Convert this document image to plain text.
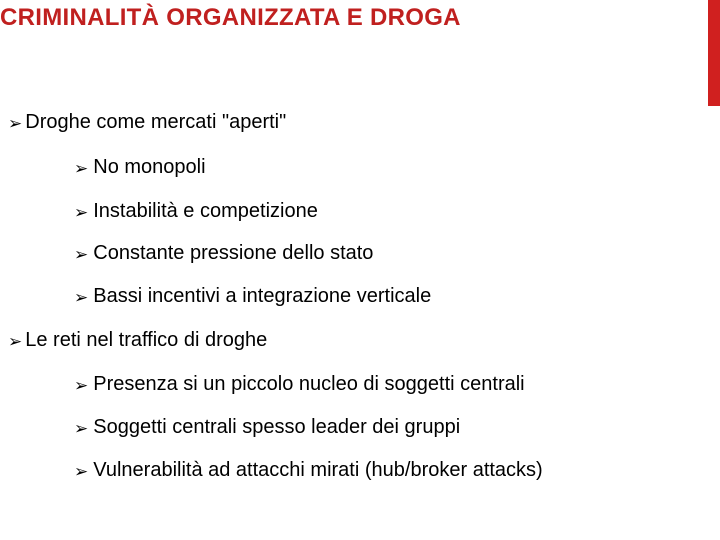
CRIMINALITÀ ORGANIZZATA E DROGA
➢ Droghe come mercati "aperti"
➢ No monopoli
➢ Instabilità e competizione
➢ Constante pressione dello stato
➢ Bassi incentivi a integrazione verticale
➢ Le reti nel traffico di droghe
➢ Presenza si un piccolo nucleo di soggetti centrali
➢ Soggetti centrali spesso leader dei gruppi
➢ Vulnerabilità ad attacchi mirati (hub/broker attacks)
